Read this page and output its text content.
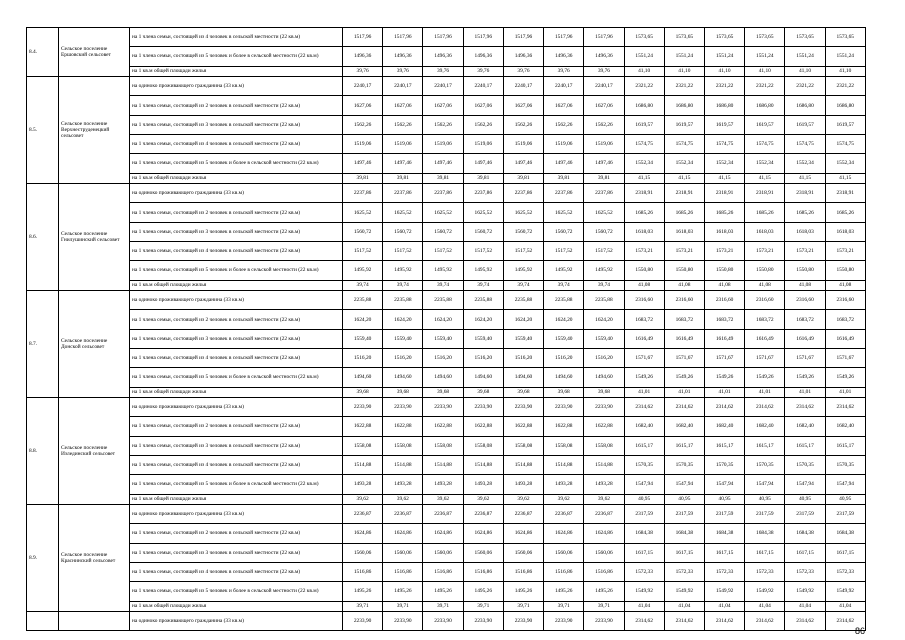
8.4.	Сельское поселение Ершовский сельсовет	на 1 члена семьи, состоящей из 4 человек в сельской местности (22 кв.м)	1517,96	1517,96	1517,96	1517,96	1517,96	1517,96	1517,96	1573,65	1573,65	1573,65	1573,65	1573,65	1573,65
		на 1 члена семьи, состоящей из 5 человек и более в сельской местности (22 кв.м)	1496,36	1496,36	1496,36	1496,36	1496,36	1496,36	1496,36	1551,24	1551,24	1551,24	1551,24	1551,24	1551,24
		на 1 кв.м общей площади жилья	39,76	39,76	39,76	39,76	39,76	39,76	39,76	41,10	41,10	41,10	41,10	41,10	41,10
8.5.	Сельское поселение Верхнеструденецкий сельсовет	на одиноко проживающего гражданина (33 кв.м)	2240,17	2240,17	2240,17	2240,17	2240,17	2240,17	2240,17	2321,22	2321,22	2321,22	2321,22	2321,22	2321,22
		на 1 члена семьи, состоящей из 2 человек в сельской местности (22 кв.м)	1627,06	1627,06	1627,06	1627,06	1627,06	1627,06	1627,06	1686,80	1686,80	1686,80	1686,80	1686,80	1686,80
		на 1 члена семьи, состоящей из 3 человек в сельской местности (22 кв.м)	1562,26	1562,26	1562,26	1562,26	1562,26	1562,26	1562,26	1619,57	1619,57	1619,57	1619,57	1619,57	1619,57
		на 1 члена семьи, состоящей из 4 человек в сельской местности (22 кв.м)	1519,06	1519,06	1519,06	1519,06	1519,06	1519,06	1519,06	1574,75	1574,75	1574,75	1574,75	1574,75	1574,75
		на 1 члена семьи, состоящей из 5 человек и более в сельской местности (22 кв.м)	1497,46	1497,46	1497,46	1497,46	1497,46	1497,46	1497,46	1552,34	1552,34	1552,34	1552,34	1552,34	1552,34
		на 1 кв.м общей площади жилья	39,81	39,81	39,81	39,81	39,81	39,81	39,81	41,15	41,15	41,15	41,15	41,15	41,15
8.6.	Сельское поселение Гнилушинский сельсовет	на одиноко проживающего гражданина (33 кв.м)	2237,86	2237,86	2237,86	2237,86	2237,86	2237,86	2237,86	2318,91	2318,91	2318,91	2318,91	2318,91	2318,91
		на 1 члена семьи, состоящей из 2 человек в сельской местности (22 кв.м)	1625,52	1625,52	1625,52	1625,52	1625,52	1625,52	1625,52	1685,26	1685,26	1685,26	1685,26	1685,26	1685,26
		на 1 члена семьи, состоящей из 3 человек в сельской местности (22 кв.м)	1560,72	1560,72	1560,72	1560,72	1560,72	1560,72	1560,72	1618,03	1618,03	1618,03	1618,03	1618,03	1618,03
		на 1 члена семьи, состоящей из 4 человек в сельской местности (22 кв.м)	1517,52	1517,52	1517,52	1517,52	1517,52	1517,52	1517,52	1573,21	1573,21	1573,21	1573,21	1573,21	1573,21
		на 1 члена семьи, состоящей из 5 человек и более в сельской местности (22 кв.м)	1495,92	1495,92	1495,92	1495,92	1495,92	1495,92	1495,92	1550,80	1550,80	1550,80	1550,80	1550,80	1550,80
		на 1 кв.м общей площади жилья	39,74	39,74	39,74	39,74	39,74	39,74	39,74	41,08	41,08	41,08	41,08	41,08	41,08
8.7.	Сельское поселение Донской сельсовет	на одиноко проживающего гражданина (33 кв.м)	2235,88	2235,88	2235,88	2235,88	2235,88	2235,88	2235,88	2316,60	2316,60	2316,60	2316,60	2316,60	2316,60
		на 1 члена семьи, состоящей из 2 человек в сельской местности (22 кв.м)	1624,20	1624,20	1624,20	1624,20	1624,20	1624,20	1624,20	1683,72	1683,72	1683,72	1683,72	1683,72	1683,72
		на 1 члена семьи, состоящей из 3 человек в сельской местности (22 кв.м)	1559,40	1559,40	1559,40	1559,40	1559,40	1559,40	1559,40	1616,49	1616,49	1616,49	1616,49	1616,49	1616,49
		на 1 члена семьи, состоящей из 4 человек в сельской местности (22 кв.м)	1516,20	1516,20	1516,20	1516,20	1516,20	1516,20	1516,20	1571,67	1571,67	1571,67	1571,67	1571,67	1571,67
		на 1 члена семьи, состоящей из 5 человек и более в сельской местности (22 кв.м)	1494,60	1494,60	1494,60	1494,60	1494,60	1494,60	1494,60	1549,26	1549,26	1549,26	1549,26	1549,26	1549,26
		на 1 кв.м общей площади жилья	39,68	39,68	39,68	39,68	39,68	39,68	39,68	41,01	41,01	41,01	41,01	41,01	41,01
8.8.	Сельское поселение Излединский сельсовет	на одиноко проживающего гражданина (33 кв.м)	2233,90	2233,90	2233,90	2233,90	2233,90	2233,90	2233,90	2314,62	2314,62	2314,62	2314,62	2314,62	2314,62
		на 1 члена семьи, состоящей из 2 человек в сельской местности (22 кв.м)	1622,88	1622,88	1622,88	1622,88	1622,88	1622,88	1622,88	1682,40	1682,40	1682,40	1682,40	1682,40	1682,40
		на 1 члена семьи, состоящей из 3 человек в сельской местности (22 кв.м)	1558,08	1558,08	1558,08	1558,08	1558,08	1558,08	1558,08	1615,17	1615,17	1615,17	1615,17	1615,17	1615,17
		на 1 члена семьи, состоящей из 4 человек в сельской местности (22 кв.м)	1514,88	1514,88	1514,88	1514,88	1514,88	1514,88	1514,88	1570,35	1570,35	1570,35	1570,35	1570,35	1570,35
		на 1 члена семьи, состоящей из 5 человек и более в сельской местности (22 кв.м)	1493,28	1493,28	1493,28	1493,28	1493,28	1493,28	1493,28	1547,94	1547,94	1547,94	1547,94	1547,94	1547,94
		на 1 кв.м общей площади жилья	39,62	39,62	39,62	39,62	39,62	39,62	39,62	40,95	40,95	40,95	40,95	40,95	40,95
8.9.	Сельское поселение Краснинский сельсовет	на одиноко проживающего гражданина (33 кв.м)	2236,87	2236,87	2236,87	2236,87	2236,87	2236,87	2236,87	2317,59	2317,59	2317,59	2317,59	2317,59	2317,59
		на 1 члена семьи, состоящей из 2 человек в сельской местности (22 кв.м)	1624,86	1624,86	1624,86	1624,86	1624,86	1624,86	1624,86	1684,38	1684,38	1684,38	1684,38	1684,38	1684,38
		на 1 члена семьи, состоящей из 3 человек в сельской местности (22 кв.м)	1560,06	1560,06	1560,06	1560,06	1560,06	1560,06	1560,06	1617,15	1617,15	1617,15	1617,15	1617,15	1617,15
		на 1 члена семьи, состоящей из 4 человек в сельской местности (22 кв.м)	1516,86	1516,86	1516,86	1516,86	1516,86	1516,86	1516,86	1572,33	1572,33	1572,33	1572,33	1572,33	1572,33
		на 1 члена семьи, состоящей из 5 человек и более в сельской местности (22 кв.м)	1495,26	1495,26	1495,26	1495,26	1495,26	1495,26	1495,26	1549,92	1549,92	1549,92	1549,92	1549,92	1549,92
		на 1 кв.м общей площади жилья	39,71	39,71	39,71	39,71	39,71	39,71	39,71	41,04	41,04	41,04	41,04	41,04	41,04
		на одиноко проживающего гражданина (33 кв.м)	2233,90	2233,90	2233,90	2233,90	2233,90	2233,90	2233,90	2314,62	2314,62	2314,62	2314,62	2314,62	2314,62
86
